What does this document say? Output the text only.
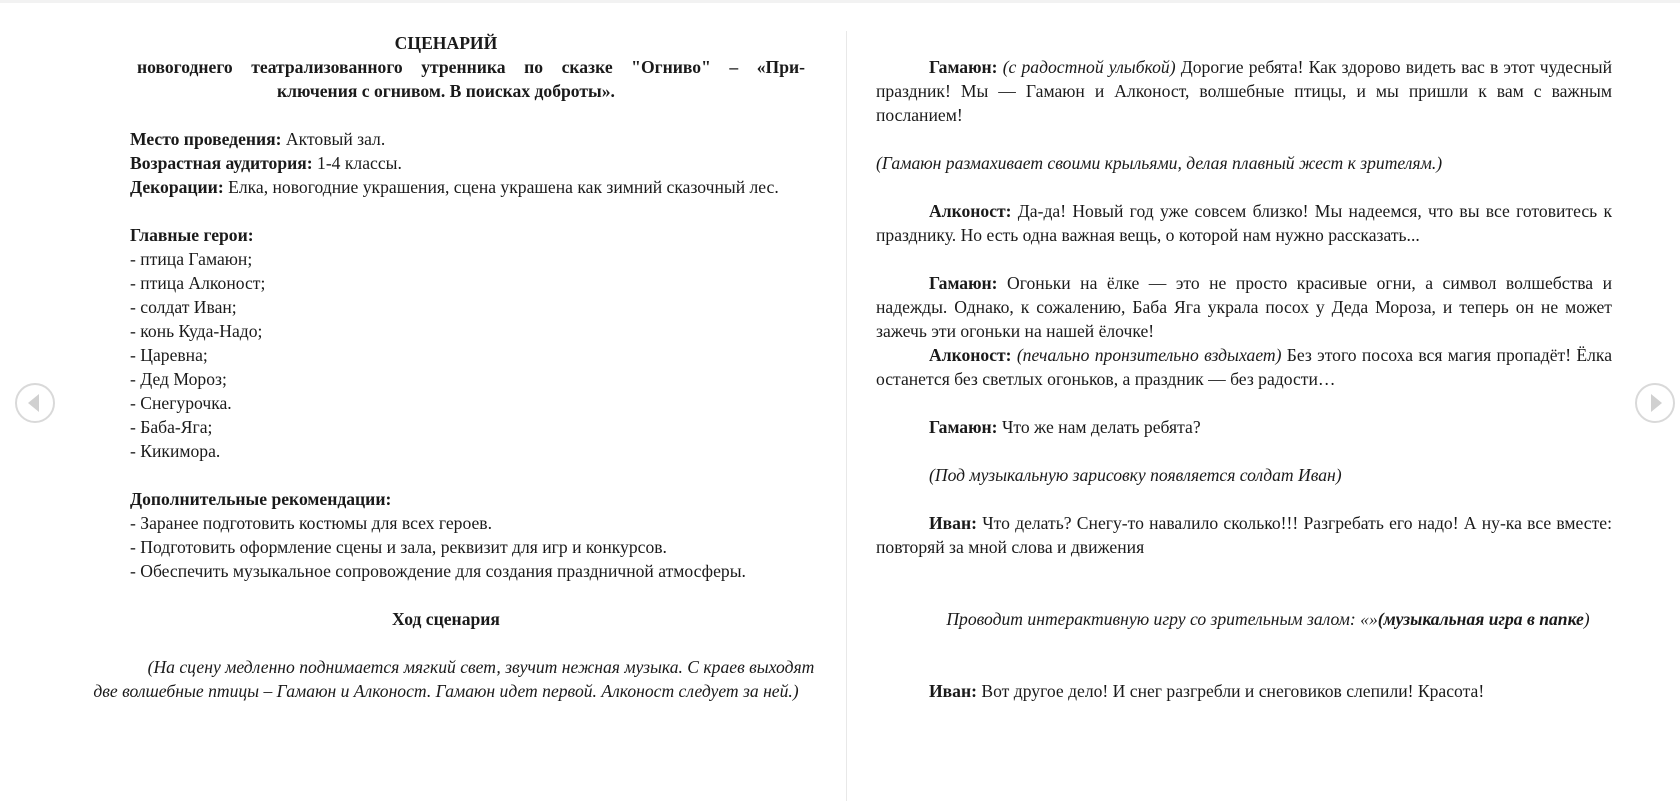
СЦЕНАРИЙ

новогоднего театрализованного утренника по сказке "Огниво" – «При-

ключения с огнивом. В поисках доброты».

Место проведения: Актовый зал.

Возрастная аудитория: 1-4 классы.

Декорации: Елка, новогодние украшения, сцена украшена как зимний сказочный лес.

Главные герои:

- птица Гамаюн;

- птица Алконост;

- солдат Иван;

- конь Куда-Надо;

- Царевна;

- Дед Мороз;

- Снегурочка.

- Баба-Яга;

- Кикимора.

Дополнительные рекомендации:

- Заранее подготовить костюмы для всех героев.

- Подготовить оформление сцены и зала, реквизит для игр и конкурсов.

- Обеспечить музыкальное сопровождение для создания праздничной атмосферы.

Ход сценария

(На сцену медленно поднимается мягкий свет, звучит нежная музыка. С краев выходят две волшебные птицы – Гамаюн и Алконост. Гамаюн идет первой. Алконост следует за ней.)

Гамаюн: (с радостной улыбкой) Дорогие ребята! Как здорово видеть вас в этот чудесный праздник! Мы — Гамаюн и Алконост, волшебные птицы, и мы пришли к вам с важным посланием!

(Гамаюн размахивает своими крыльями, делая плавный жест к зрителям.)

Алконост: Да-да! Новый год уже совсем близко! Мы надеемся, что вы все готовитесь к празднику. Но есть одна важная вещь, о которой нам нужно рассказать...

Гамаюн: Огоньки на ёлке — это не просто красивые огни, а символ волшебства и надежды. Однако, к сожалению, Баба Яга украла посох у Деда Мороза, и теперь он не может зажечь эти огоньки на нашей ёлочке!

Алконост: (печально пронзительно вздыхает) Без этого посоха вся магия пропадёт! Ёлка останется без светлых огоньков, а праздник — без радости…

Гамаюн: Что же нам делать ребята?

(Под музыкальную зарисовку появляется солдат Иван)

Иван: Что делать? Снегу-то навалило сколько!!! Разгребать его надо! А ну-ка все вместе: повторяй за мной слова и движения

Проводит интерактивную игру со зрительным залом: «»(музыкальная игра в папке)

Иван: Вот другое дело! И снег разгребли и снеговиков слепили! Красота!
